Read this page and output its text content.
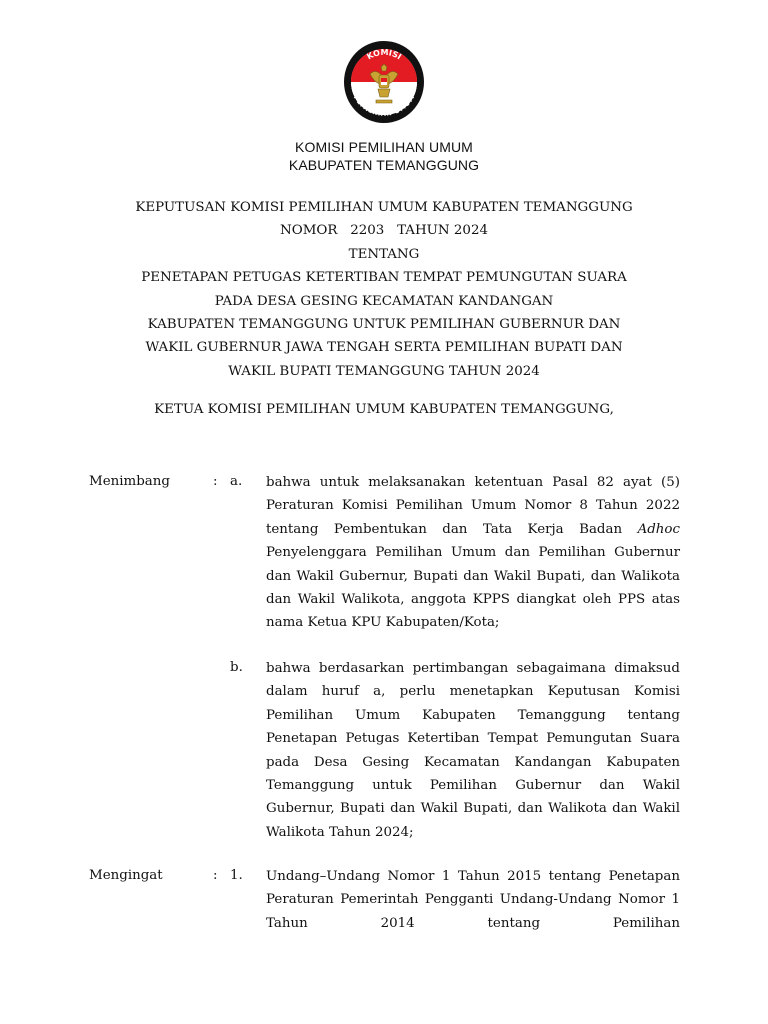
KOMISI
PEMILIHAN UMUM
KOMISI PEMILIHAN UMUM
KABUPATEN TEMANGGUNG
KEPUTUSAN KOMISI PEMILIHAN UMUM KABUPATEN TEMANGGUNG
NOMOR   2203   TAHUN 2024
TENTANG
PENETAPAN PETUGAS KETERTIBAN TEMPAT PEMUNGUTAN SUARA
PADA DESA GESING KECAMATAN KANDANGAN
KABUPATEN TEMANGGUNG UNTUK PEMILIHAN GUBERNUR DAN
WAKIL GUBERNUR JAWA TENGAH SERTA PEMILIHAN BUPATI DAN
WAKIL BUPATI TEMANGGUNG TAHUN 2024
KETUA KOMISI PEMILIHAN UMUM KABUPATEN TEMANGGUNG,
Menimbang	: a. bahwa untuk melaksanakan ketentuan Pasal 82 ayat (5) Peraturan Komisi Pemilihan Umum Nomor 8 Tahun 2022 tentang Pembentukan dan Tata Kerja Badan Adhoc Penyelenggara Pemilihan Umum dan Pemilihan Gubernur dan Wakil Gubernur, Bupati dan Wakil Bupati, dan Walikota dan Wakil Walikota, anggota KPPS diangkat oleh PPS atas nama Ketua KPU Kabupaten/Kota;
b. bahwa berdasarkan pertimbangan sebagaimana dimaksud dalam huruf a, perlu menetapkan Keputusan Komisi Pemilihan Umum Kabupaten Temanggung tentang Penetapan Petugas Ketertiban Tempat Pemungutan Suara pada Desa Gesing Kecamatan Kandangan Kabupaten Temanggung untuk Pemilihan Gubernur dan Wakil Gubernur, Bupati dan Wakil Bupati, dan Walikota dan Wakil Walikota Tahun 2024;
Mengingat	: 1. Undang–Undang Nomor 1 Tahun 2015 tentang Penetapan Peraturan Pemerintah Pengganti Undang-Undang Nomor 1 Tahun 2014 tentang Pemilihan
